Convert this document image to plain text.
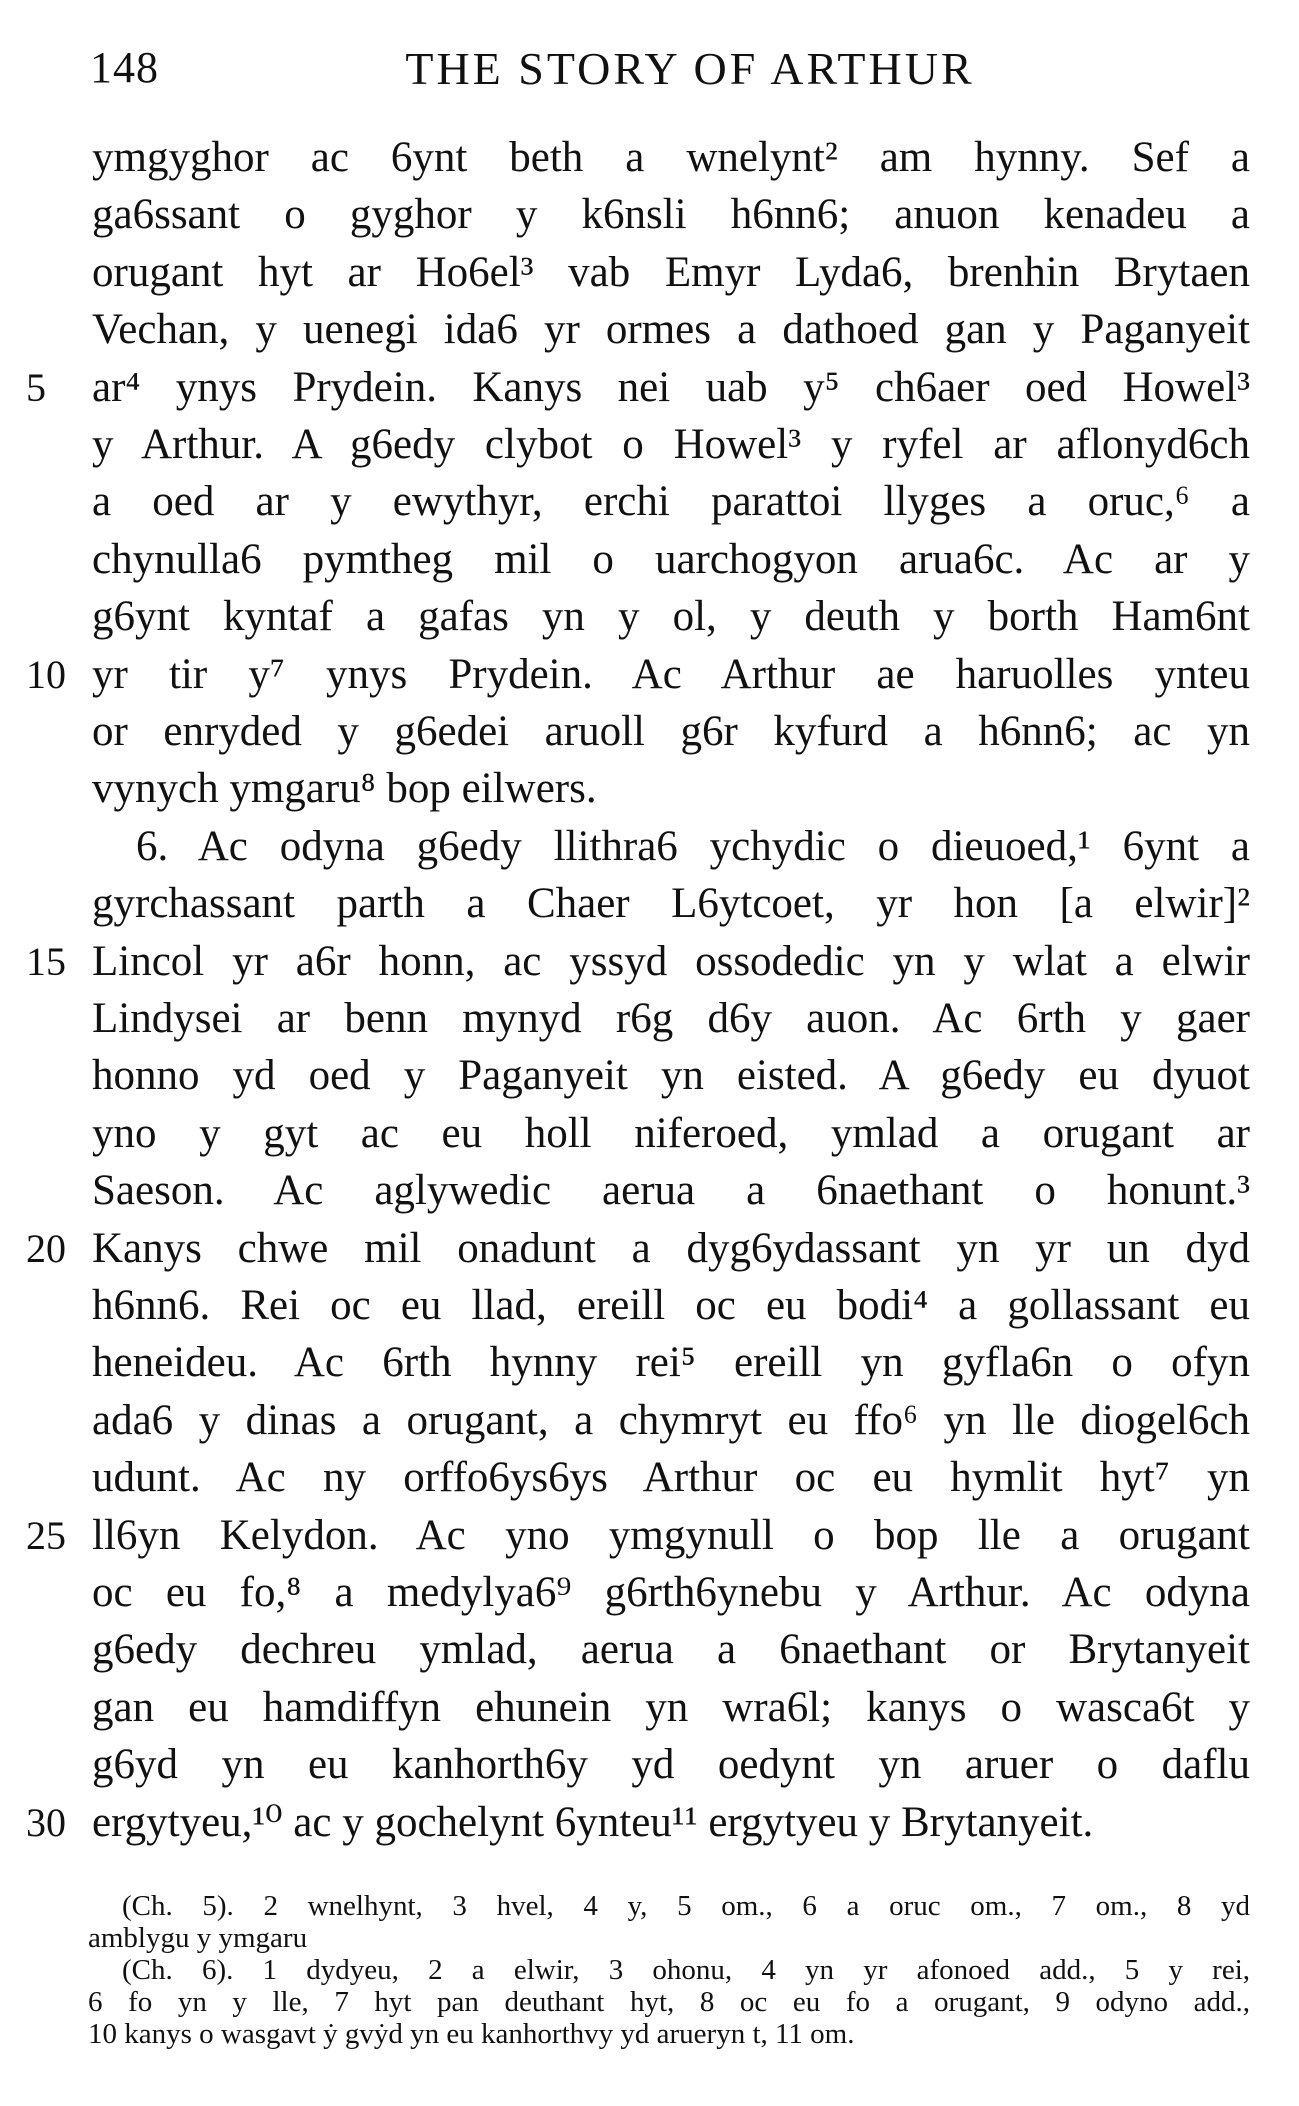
148	THE STORY OF ARTHUR
ymgyghor ac 6ynt beth a wnelynt² am hynny. Sef a
ga6ssant o gyghor y k6nsli h6nn6; anuon kenadeu a
orugant hyt ar Ho6el³ vab Emyr Lyda6, brenhin Brytaen
Vechan, y uenegi ida6 yr ormes a dathoed gan y Paganyeit
5	ar⁴ ynys Prydein. Kanys nei uab y⁵ ch6aer oed Howel³
y Arthur. A g6edy clybot o Howel³ y ryfel ar aflonyd6ch
a oed ar y ewythyr, erchi parattoi llyges a oruc,⁶ a
chynulla6 pymtheg mil o uarchogyon arua6c. Ac ar y
g6ynt kyntaf a gafas yn y ol, y deuth y borth Ham6nt
10 yr tir y⁷ ynys Prydein. Ac Arthur ae haruolles ynteu
or enryded y g6edei aruoll g6r kyfurd a h6nn6; ac yn
vynych ymgaru⁸ bop eilwers.
6. Ac odyna g6edy llithra6 ychydic o dieuoed,¹ 6ynt a
gyrchassant parth a Chaer L6ytcoet, yr hon [a elwir]²
15 Lincol yr a6r honn, ac yssyd ossodedic yn y wlat a elwir
Lindysei ar benn mynyd r6g d6y auon. Ac 6rth y gaer
honno yd oed y Paganyeit yn eisted. A g6edy eu dyuot
yno y gyt ac eu holl niferoed, ymlad a orugant ar
Saeson. Ac aglywedic aerua a 6naethant o honunt.³
20 Kanys chwe mil onadunt a dyg6ydassant yn yr un dyd
h6nn6. Rei oc eu llad, ereill oc eu bodi⁴ a gollassant eu
heneideu. Ac 6rth hynny rei⁵ ereill yn gyfla6n o ofyn
ada6 y dinas a orugant, a chymryt eu ffo⁶ yn lle diogel6ch
udunt. Ac ny orffo6ys6ys Arthur oc eu hymlit hyt⁷ yn
25 ll6yn Kelydon. Ac yno ymgynull o bop lle a orugant
oc eu fo,⁸ a medylya6⁹ g6rth6ynebu y Arthur. Ac odyna
g6edy dechreu ymlad, aerua a 6naethant or Brytanyeit
gan eu hamdiffyn ehunein yn wra6l; kanys o wasca6t y
g6yd yn eu kanhorth6y yd oedynt yn aruer o daflu
30 ergytyeu,¹⁰ ac y gochelynt 6ynteu¹¹ ergytyeu y Brytanyeit.
(Ch. 5). 2 wnelhynt, 3 hvel, 4 y, 5 om., 6 a oruc om., 7 om., 8 yd
amblygu y ymgaru
(Ch. 6). 1 dydyeu, 2 a elwir, 3 ohonu, 4 yn yr afonoed add., 5 y rei,
6 fo yn y lle, 7 hyt pan deuthant hyt, 8 oc eu fo a orugant, 9 odyno add.,
10 kanys o wasgavt ẏ gvẏd yn eu kanhorthvy yd arueryn t, 11 om.
